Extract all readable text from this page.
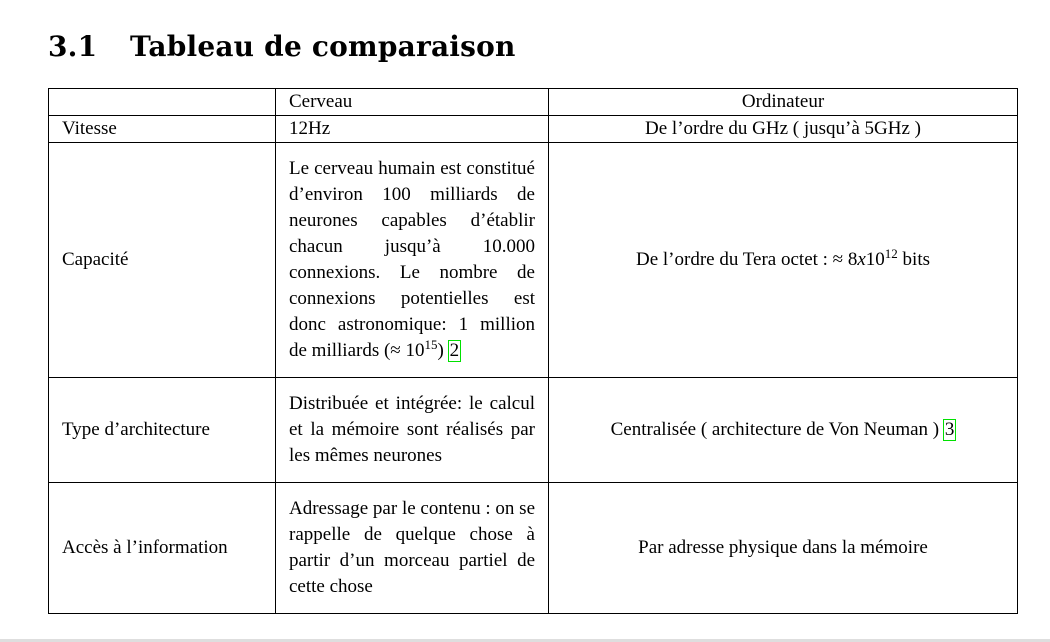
3.1 Tableau de comparaison
	Cerveau	Ordinateur
Vitesse	12Hz	De l’ordre du GHz ( jusqu’à 5GHz )
Capacité	Le cerveau humain est constitué d’environ 100 milliards de neurones capables d’établir chacun jusqu’à 10.000 connexions. Le nombre de connexions potentielles est donc astronomique: 1 million de milliards (≈ $10^{15}$) 2	De l’ordre du Tera octet : ≈ $8x10^{12}$ bits
Type d’architecture	Distribuée et intégrée: le calcul et la mémoire sont réalisés par les mêmes neurones	Centralisée ( architecture de Von Neuman ) 3
Accès à l’information	Adressage par le contenu : on se rappelle de quelque chose à partir d’un morceau partiel de cette chose	Par adresse physique dans la mémoire
